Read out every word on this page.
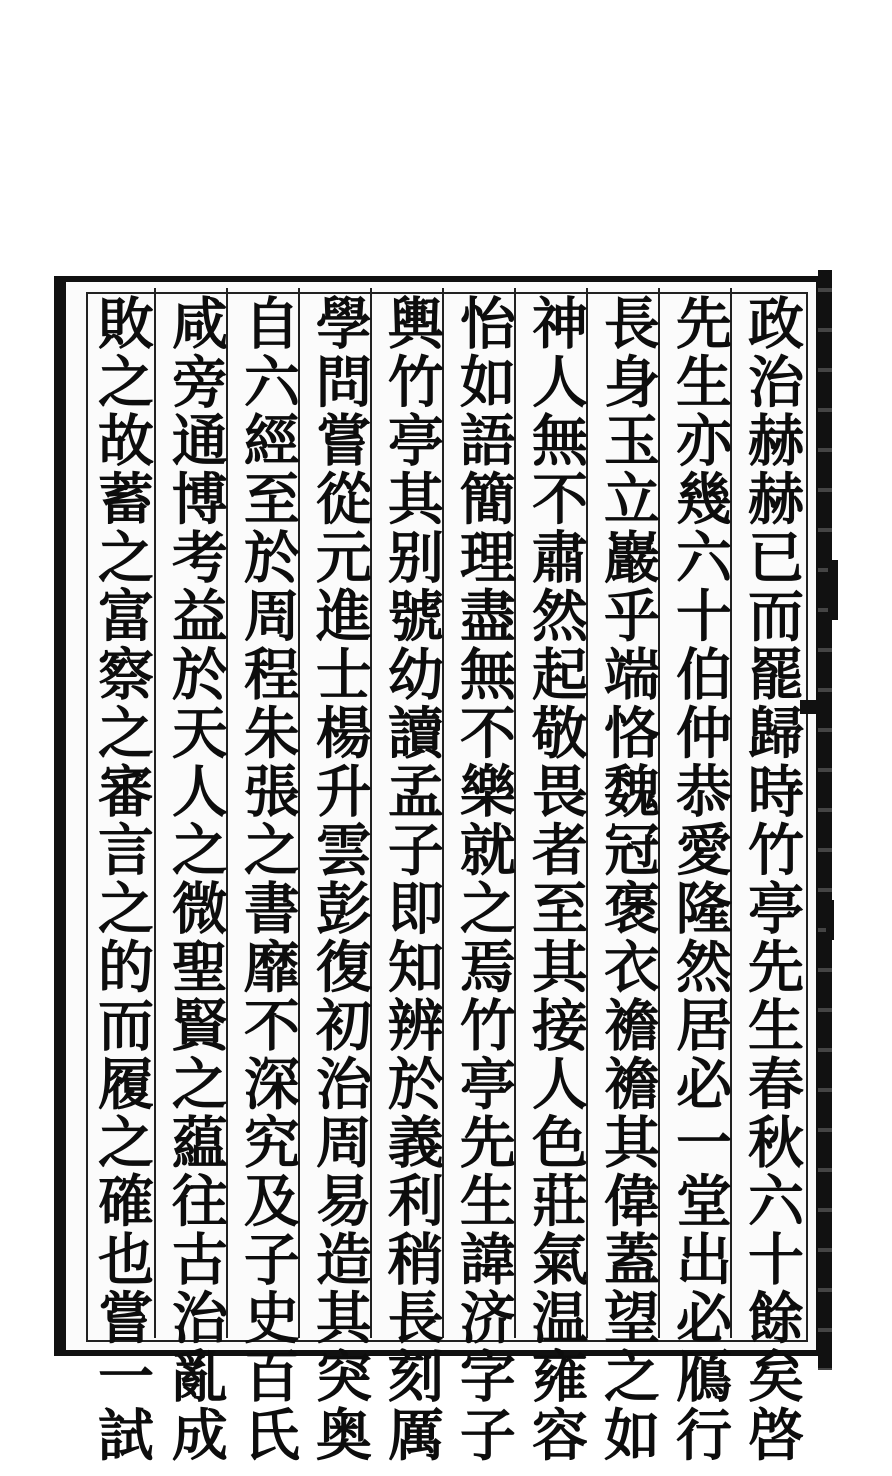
政治赫赫已而罷歸時竹亭先生春秋六十餘矣啓
先生亦幾六十伯仲恭愛隆然居必一堂出必鴈行
長身玉立巖乎端恪魏冠褒衣襜襜其偉蓋望之如
神人無不肅然起敬畏者至其接人色莊氣温雍容
怡如語簡理盡無不樂就之焉竹亭先生諱济字子
輿竹亭其别號幼讀孟子即知辨於義利稍長刻厲
學問嘗從元進士楊升雲彭復初治周易造其突奥
自六經至於周程朱張之書靡不深究及子史百氏
咸旁通博考益於天人之微聖賢之藴往古治亂成
敗之故蓄之富察之審言之的而履之確也嘗一試
